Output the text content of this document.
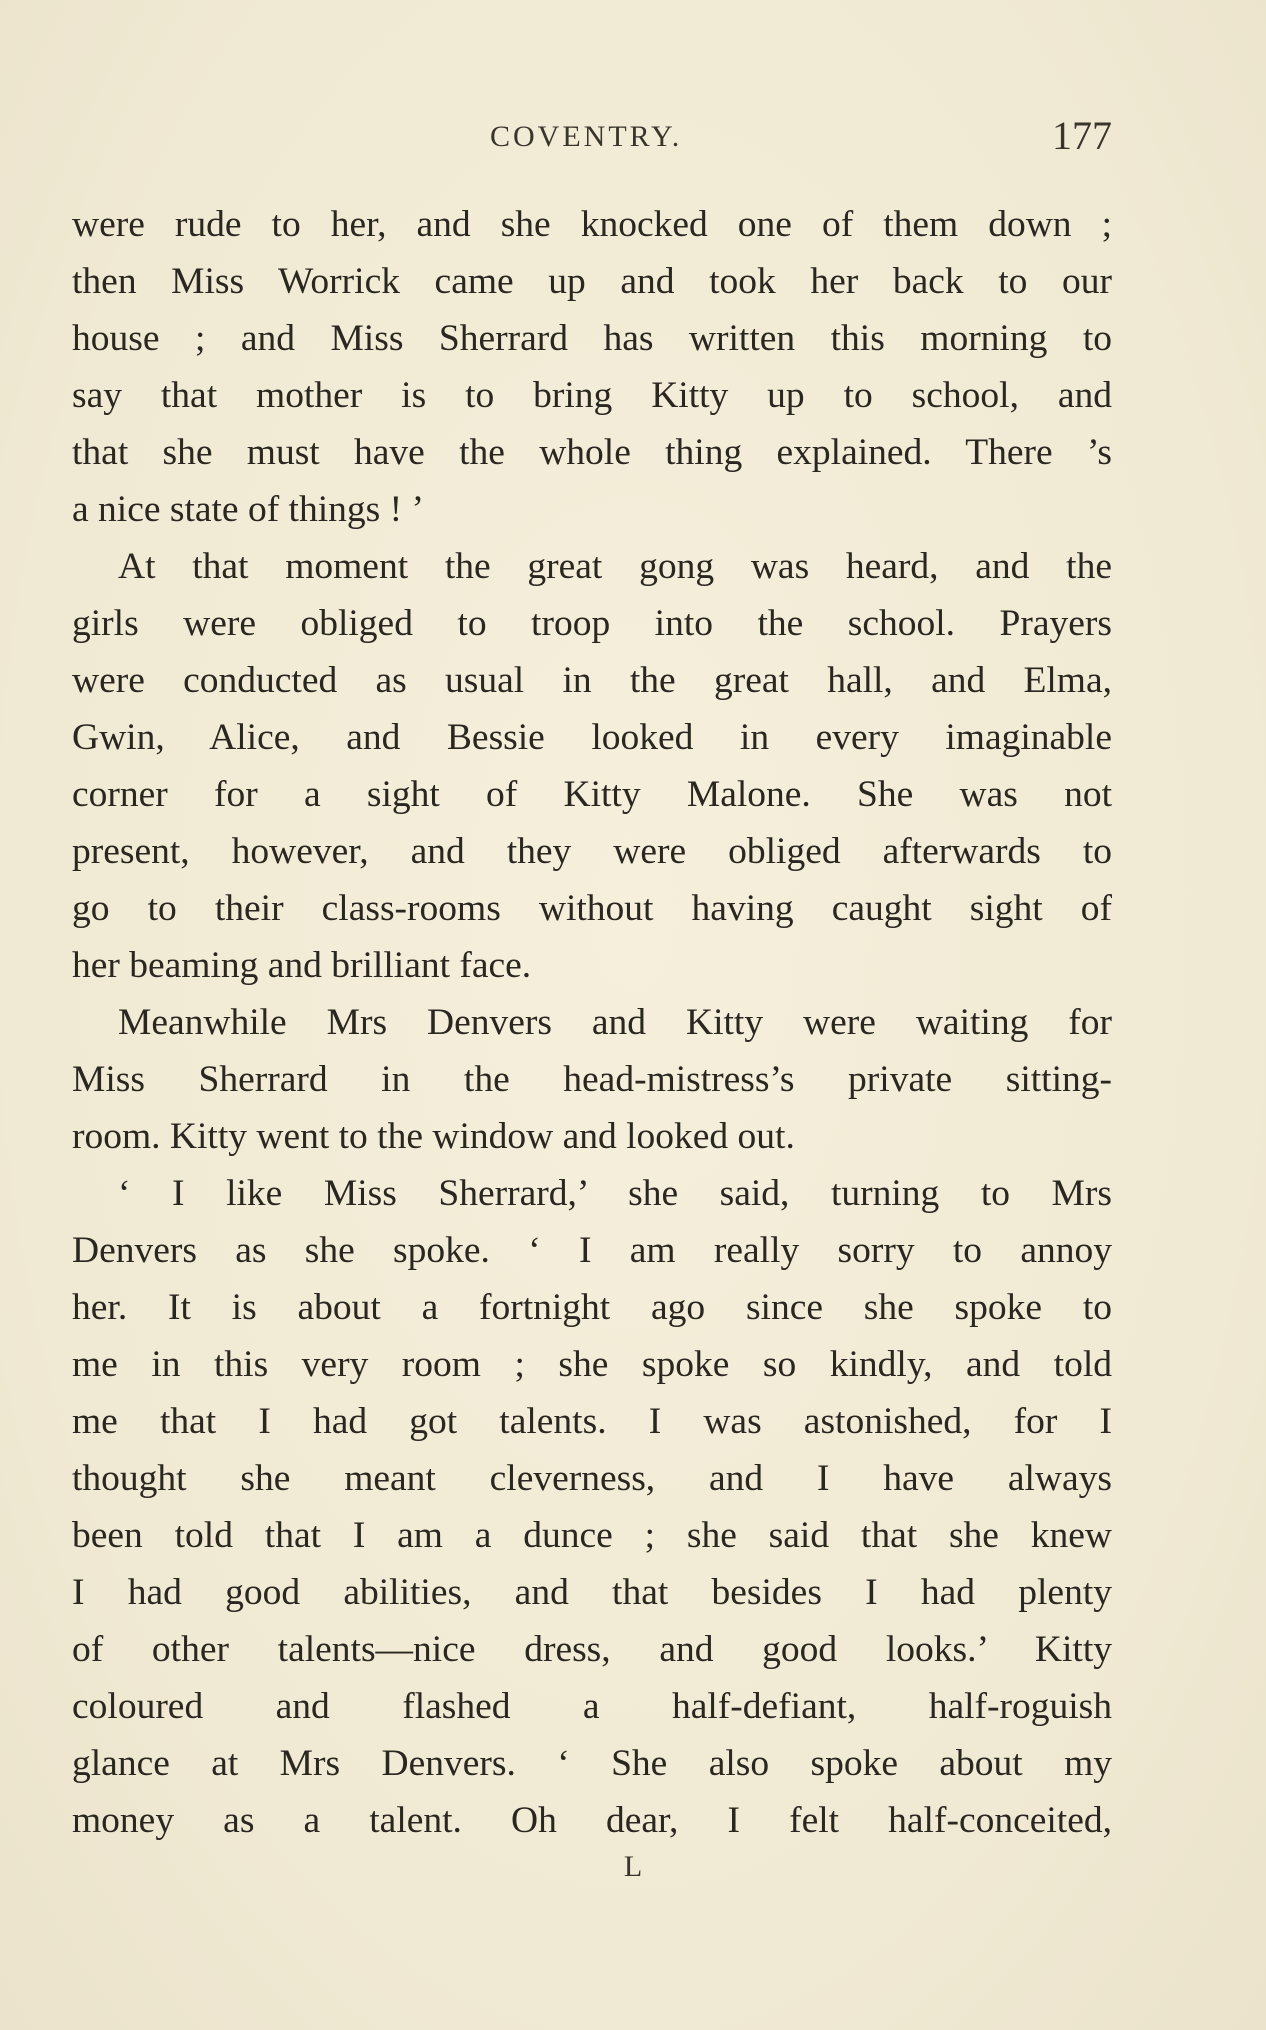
COVENTRY.	177
were rude to her, and she knocked one of them down ;
then Miss Worrick came up and took her back to our
house ; and Miss Sherrard has written this morning to
say that mother is to bring Kitty up to school, and
that she must have the whole thing explained. There ’s
a nice state of things ! ’
At that moment the great gong was heard, and the
girls were obliged to troop into the school. Prayers
were conducted as usual in the great hall, and Elma,
Gwin, Alice, and Bessie looked in every imaginable
corner for a sight of Kitty Malone. She was not
present, however, and they were obliged afterwards to
go to their class-rooms without having caught sight of
her beaming and brilliant face.
Meanwhile Mrs Denvers and Kitty were waiting for
Miss Sherrard in the head-mistress’s private sitting-
room. Kitty went to the window and looked out.
‘ I like Miss Sherrard,’ she said, turning to Mrs
Denvers as she spoke. ‘ I am really sorry to annoy
her. It is about a fortnight ago since she spoke to
me in this very room ; she spoke so kindly, and told
me that I had got talents. I was astonished, for I
thought she meant cleverness, and I have always
been told that I am a dunce ; she said that she knew
I had good abilities, and that besides I had plenty
of other talents—nice dress, and good looks.’ Kitty
coloured and flashed a half-defiant, half-roguish
glance at Mrs Denvers. ‘ She also spoke about my
money as a talent. Oh dear, I felt half-conceited,
L
